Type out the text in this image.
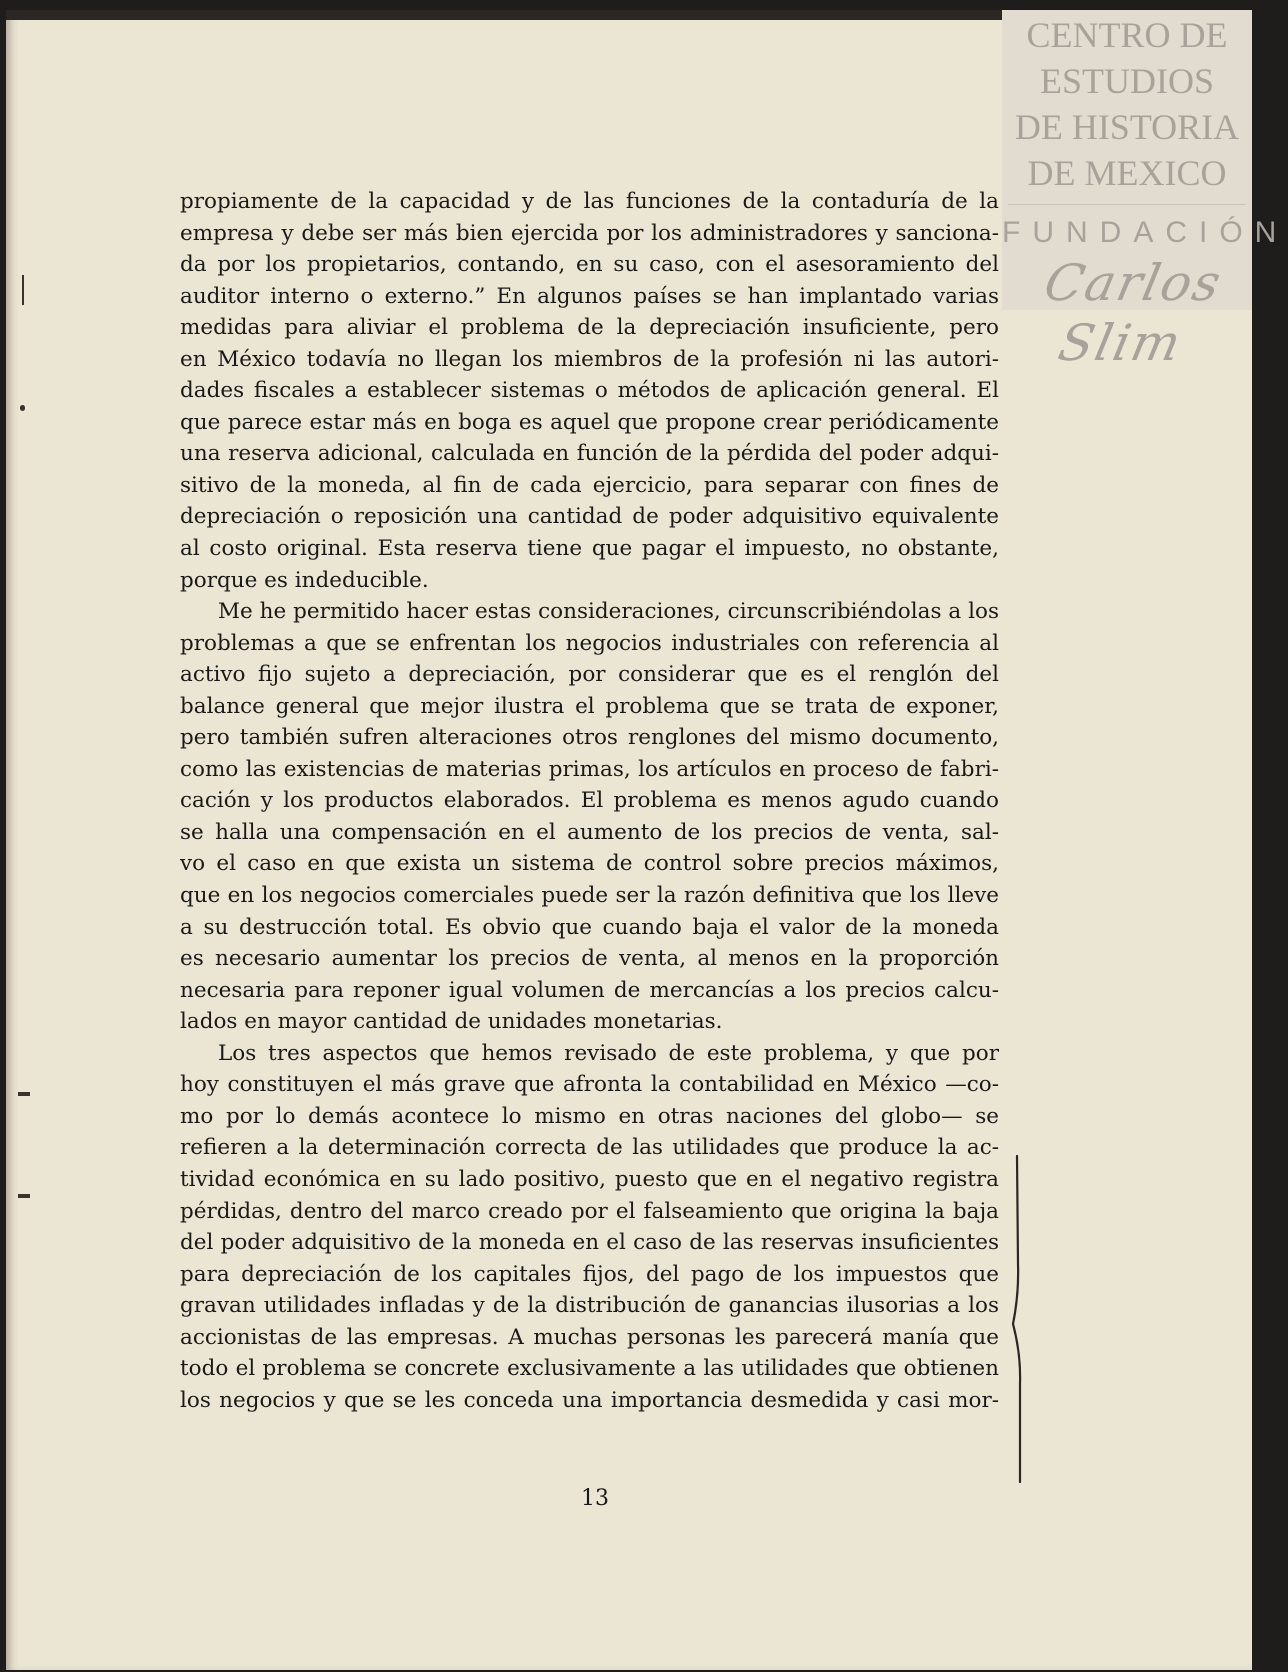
CENTRO DE
ESTUDIOS
DE HISTORIA
DE MEXICO
FUNDACIÓN
Carlos Slim
propiamente de la capacidad y de las funciones de la contaduría de la
empresa y debe ser más bien ejercida por los administradores y sanciona-
da por los propietarios, contando, en su caso, con el asesoramiento del
auditor interno o externo.” En algunos países se han implantado varias
medidas para aliviar el problema de la depreciación insuficiente, pero
en México todavía no llegan los miembros de la profesión ni las autori-
dades fiscales a establecer sistemas o métodos de aplicación general. El
que parece estar más en boga es aquel que propone crear periódicamente
una reserva adicional, calculada en función de la pérdida del poder adqui-
sitivo de la moneda, al fin de cada ejercicio, para separar con fines de
depreciación o reposición una cantidad de poder adquisitivo equivalente
al costo original. Esta reserva tiene que pagar el impuesto, no obstante,
porque es indeducible.
Me he permitido hacer estas consideraciones, circunscribiéndolas a los
problemas a que se enfrentan los negocios industriales con referencia al
activo fijo sujeto a depreciación, por considerar que es el renglón del
balance general que mejor ilustra el problema que se trata de exponer,
pero también sufren alteraciones otros renglones del mismo documento,
como las existencias de materias primas, los artículos en proceso de fabri-
cación y los productos elaborados. El problema es menos agudo cuando
se halla una compensación en el aumento de los precios de venta, sal-
vo el caso en que exista un sistema de control sobre precios máximos,
que en los negocios comerciales puede ser la razón definitiva que los lleve
a su destrucción total. Es obvio que cuando baja el valor de la moneda
es necesario aumentar los precios de venta, al menos en la proporción
necesaria para reponer igual volumen de mercancías a los precios calcu-
lados en mayor cantidad de unidades monetarias.
Los tres aspectos que hemos revisado de este problema, y que por
hoy constituyen el más grave que afronta la contabilidad en México —co-
mo por lo demás acontece lo mismo en otras naciones del globo— se
refieren a la determinación correcta de las utilidades que produce la ac-
tividad económica en su lado positivo, puesto que en el negativo registra
pérdidas, dentro del marco creado por el falseamiento que origina la baja
del poder adquisitivo de la moneda en el caso de las reservas insuficientes
para depreciación de los capitales fijos, del pago de los impuestos que
gravan utilidades infladas y de la distribución de ganancias ilusorias a los
accionistas de las empresas. A muchas personas les parecerá manía que
todo el problema se concrete exclusivamente a las utilidades que obtienen
los negocios y que se les conceda una importancia desmedida y casi mor-
13
